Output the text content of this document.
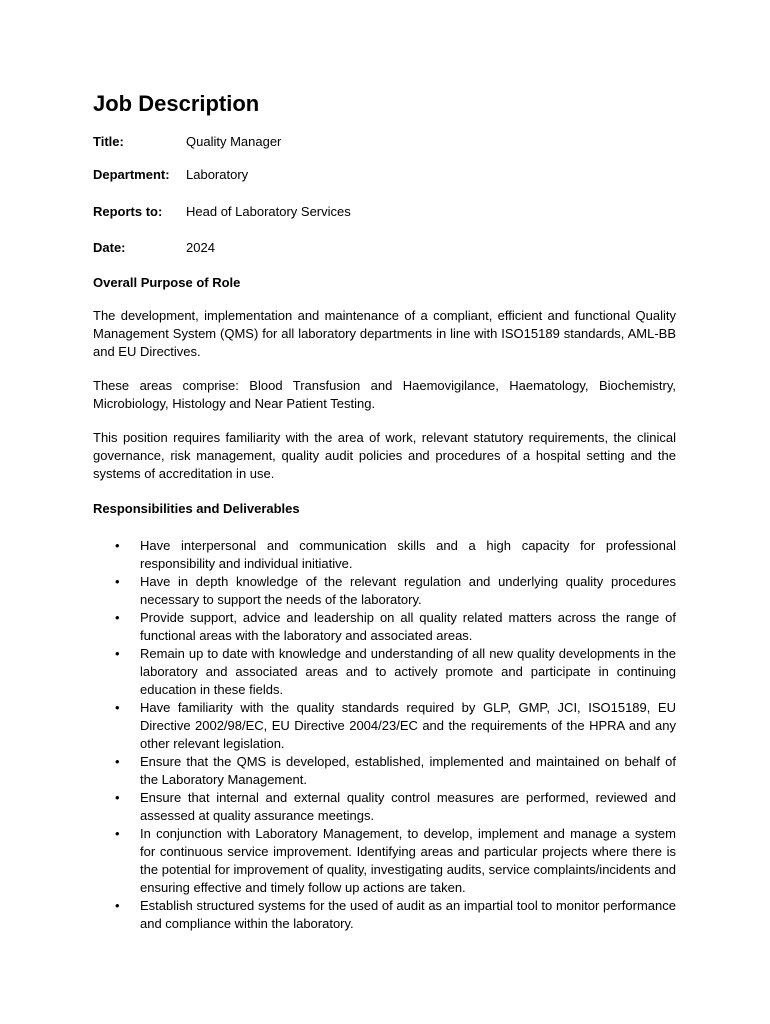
Job Description
Title:	Quality Manager
Department:	Laboratory
Reports to:	Head of Laboratory Services
Date:	2024
Overall Purpose of Role

The development, implementation and maintenance of a compliant, efficient and functional Quality Management System (QMS) for all laboratory departments in line with ISO15189 standards, AML-BB and EU Directives.

These areas comprise: Blood Transfusion and Haemovigilance, Haematology, Biochemistry, Microbiology, Histology and Near Patient Testing.

This position requires familiarity with the area of work, relevant statutory requirements, the clinical governance, risk management, quality audit policies and procedures of a hospital setting and the systems of accreditation in use.

Responsibilities and Deliverables
•	Have interpersonal and communication skills and a high capacity for professional responsibility and individual initiative.
•	Have in depth knowledge of the relevant regulation and underlying quality procedures necessary to support the needs of the laboratory.
•	Provide support, advice and leadership on all quality related matters across the range of functional areas with the laboratory and associated areas.
•	Remain up to date with knowledge and understanding of all new quality developments in the laboratory and associated areas and to actively promote and participate in continuing education in these fields.
•	Have familiarity with the quality standards required by GLP, GMP, JCI, ISO15189, EU Directive 2002/98/EC, EU Directive 2004/23/EC and the requirements of the HPRA and any other relevant legislation.
•	Ensure that the QMS is developed, established, implemented and maintained on behalf of the Laboratory Management.
•	Ensure that internal and external quality control measures are performed, reviewed and assessed at quality assurance meetings.
•	In conjunction with Laboratory Management, to develop, implement and manage a system for continuous service improvement. Identifying areas and particular projects where there is the potential for improvement of quality, investigating audits, service complaints/incidents and ensuring effective and timely follow up actions are taken.
•	Establish structured systems for the used of audit as an impartial tool to monitor performance and compliance within the laboratory.
